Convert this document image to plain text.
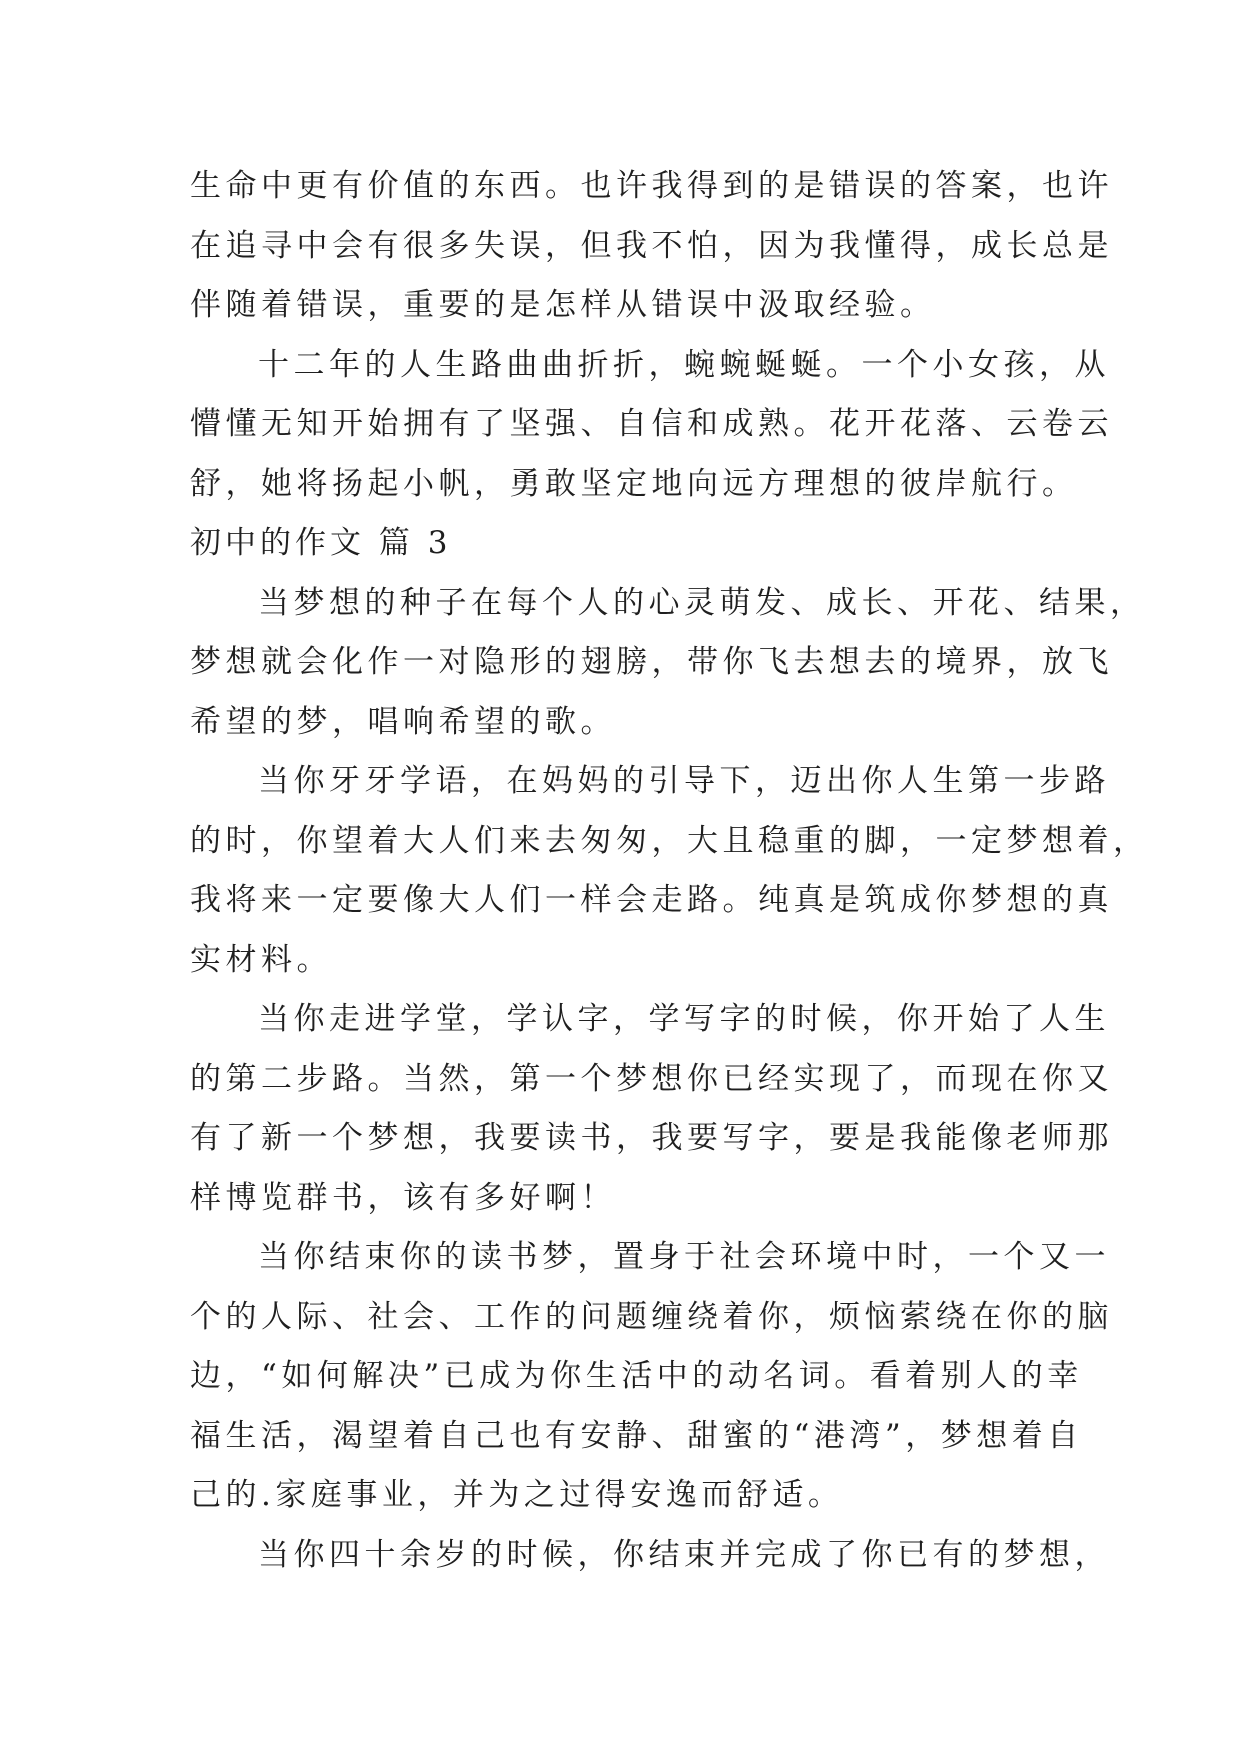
生命中更有价值的东西。也许我得到的是错误的答案，也许
在追寻中会有很多失误，但我不怕，因为我懂得，成长总是
伴随着错误，重要的是怎样从错误中汲取经验。

十二年的人生路曲曲折折，蜿蜿蜒蜒。一个小女孩，从
懵懂无知开始拥有了坚强、自信和成熟。花开花落、云卷云
舒，她将扬起小帆，勇敢坚定地向远方理想的彼岸航行。

初中的作文 篇 3

当梦想的种子在每个人的心灵萌发、成长、开花、结果，
梦想就会化作一对隐形的翅膀，带你飞去想去的境界，放飞
希望的梦，唱响希望的歌。

当你牙牙学语，在妈妈的引导下，迈出你人生第一步路
的时，你望着大人们来去匆匆，大且稳重的脚，一定梦想着，
我将来一定要像大人们一样会走路。纯真是筑成你梦想的真
实材料。

当你走进学堂，学认字，学写字的时候，你开始了人生
的第二步路。当然，第一个梦想你已经实现了，而现在你又
有了新一个梦想，我要读书，我要写字，要是我能像老师那
样博览群书，该有多好啊！

当你结束你的读书梦，置身于社会环境中时，一个又一
个的人际、社会、工作的问题缠绕着你，烦恼萦绕在你的脑
边，“如何解决”已成为你生活中的动名词。看着别人的幸
福生活，渴望着自己也有安静、甜蜜的“港湾”，梦想着自
己的.家庭事业，并为之过得安逸而舒适。

当你四十余岁的时候，你结束并完成了你已有的梦想，
